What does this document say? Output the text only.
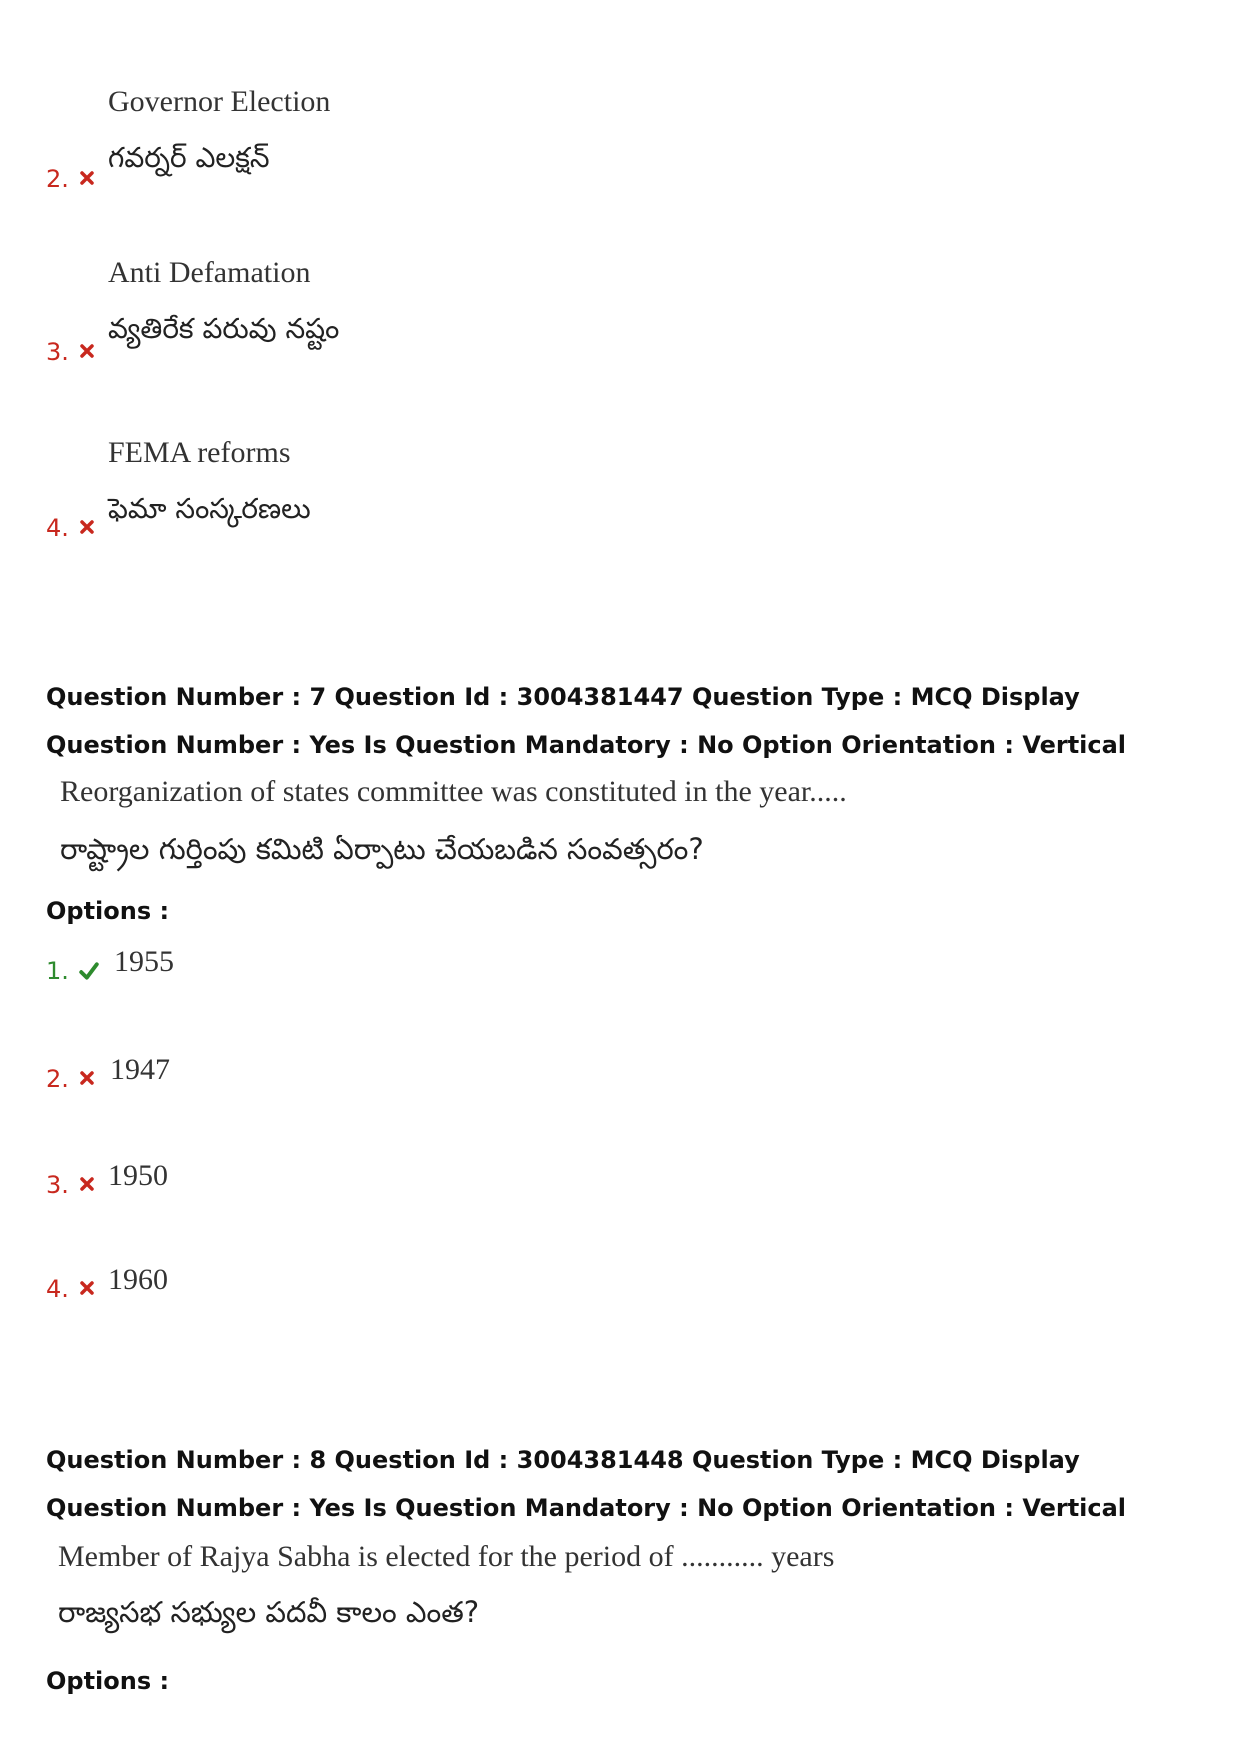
2.
Governor Election
గవర్నర్ ఎలక్షన్
3.
Anti Defamation
వ్యతిరేక పరువు నష్టం
4.
FEMA reforms
ఫెమా సంస్కరణలు
Question Number : 7 Question Id : 3004381447 Question Type : MCQ Display Question Number : Yes Is Question Mandatory : No Option Orientation : Vertical
Reorganization of states committee was constituted in the year.....
రాష్ట్రాల గుర్తింపు కమిటి ఏర్పాటు చేయబడిన సంవత్సరం?
Options :
1. 1955
2. 1947
3. 1950
4. 1960
Question Number : 8 Question Id : 3004381448 Question Type : MCQ Display Question Number : Yes Is Question Mandatory : No Option Orientation : Vertical
Member of Rajya Sabha is elected for the period of ........... years
రాజ్యసభ సభ్యుల పదవీ కాలం ఎంత?
Options :
